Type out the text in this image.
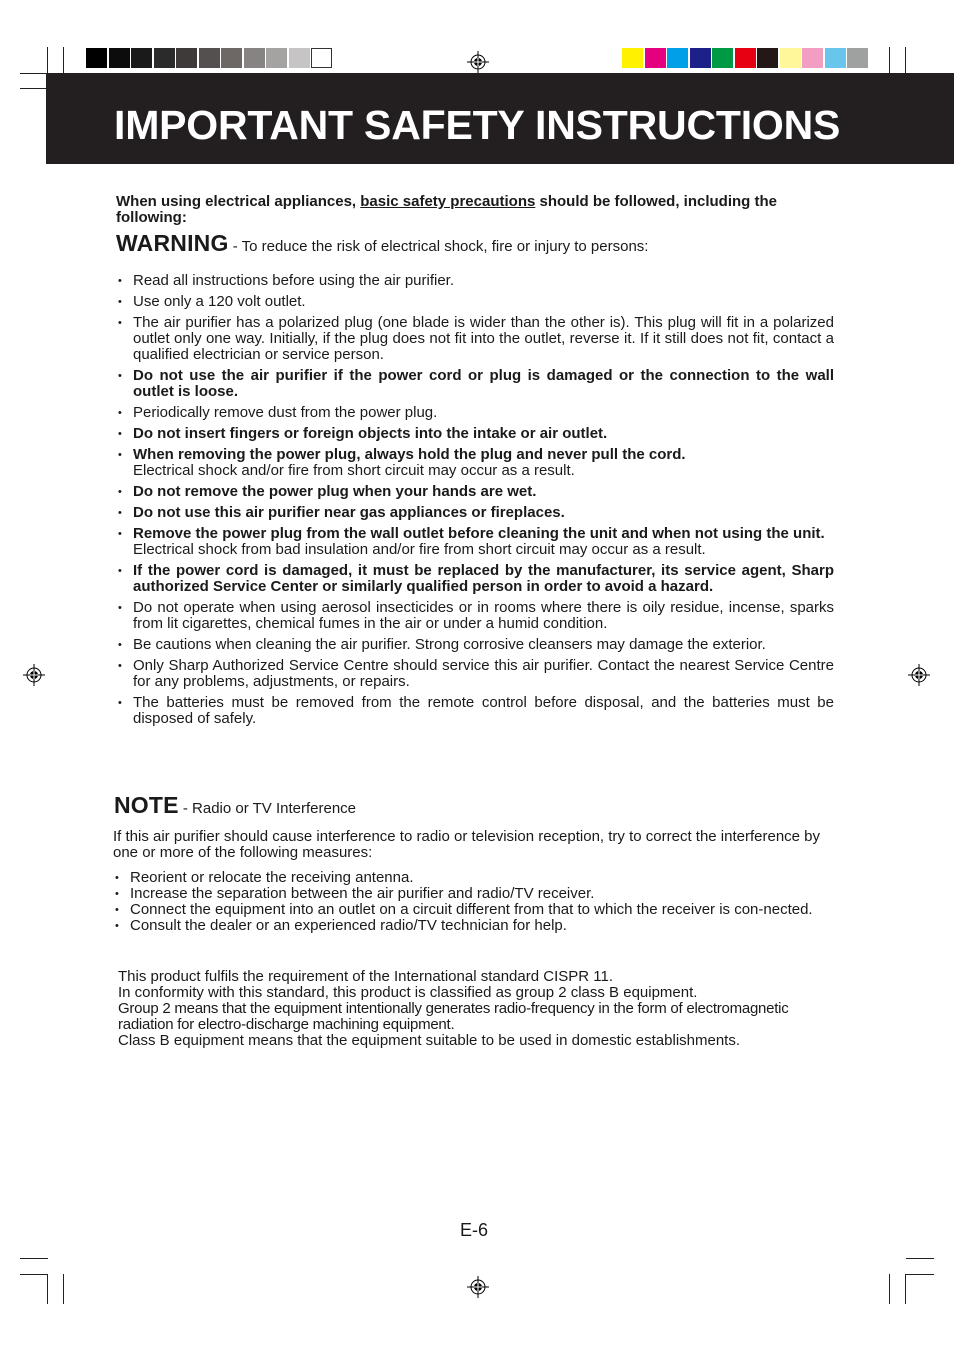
IMPORTANT SAFETY INSTRUCTIONS
When using electrical appliances, basic safety precautions should be followed, including the following:
WARNING - To reduce the risk of electrical shock, fire or injury to persons:
• Read all instructions before using the air purifier.
• Use only a 120 volt outlet.
• The air purifier has a polarized plug (one blade is wider than the other is). This plug will fit in a polarized outlet only one way. Initially, if the plug does not fit into the outlet, reverse it. If it still does not fit, contact a qualified electrician or service person.
• Do not use the air purifier if the power cord or plug is damaged or the connection to the wall outlet is loose.
• Periodically remove dust from the power plug.
• Do not insert fingers or foreign objects into the intake or air outlet.
• When removing the power plug, always hold the plug and never pull the cord.
Electrical shock and/or fire from short circuit may occur as a result.
• Do not remove the power plug when your hands are wet.
• Do not use this air purifier near gas appliances or fireplaces.
• Remove the power plug from the wall outlet before cleaning the unit and when not using the unit.
Electrical shock from bad insulation and/or fire from short circuit may occur as a result.
• If the power cord is damaged, it must be replaced by the manufacturer, its service agent, Sharp authorized Service Center or similarly qualified person in order to avoid a hazard.
• Do not operate when using aerosol insecticides or in rooms where there is oily residue, incense, sparks from lit cigarettes, chemical fumes in the air or under a humid condition.
• Be cautions when cleaning the air purifier. Strong corrosive cleansers may damage the exterior.
• Only Sharp Authorized Service Centre should service this air purifier. Contact the nearest Service Centre for any problems, adjustments, or repairs.
• The batteries must be removed from the remote control before disposal, and the batteries must be disposed of safely.
NOTE - Radio or TV Interference
If this air purifier should cause interference to radio or television reception, try to correct the interference by one or more of the following measures:
• Reorient or relocate the receiving antenna.
• Increase the separation between the air purifier and radio/TV receiver.
• Connect the equipment into an outlet on a circuit different from that to which the receiver is con-nected.
• Consult the dealer or an experienced radio/TV technician for help.
This product fulfils the requirement of the International standard CISPR 11.
In conformity with this standard, this product is classified as group 2 class B equipment.
Group 2 means that the equipment intentionally generates radio-frequency in the form of electromagnetic radiation for electro-discharge machining equipment.
Class B equipment means that the equipment suitable to be used in domestic establishments.
E-6
